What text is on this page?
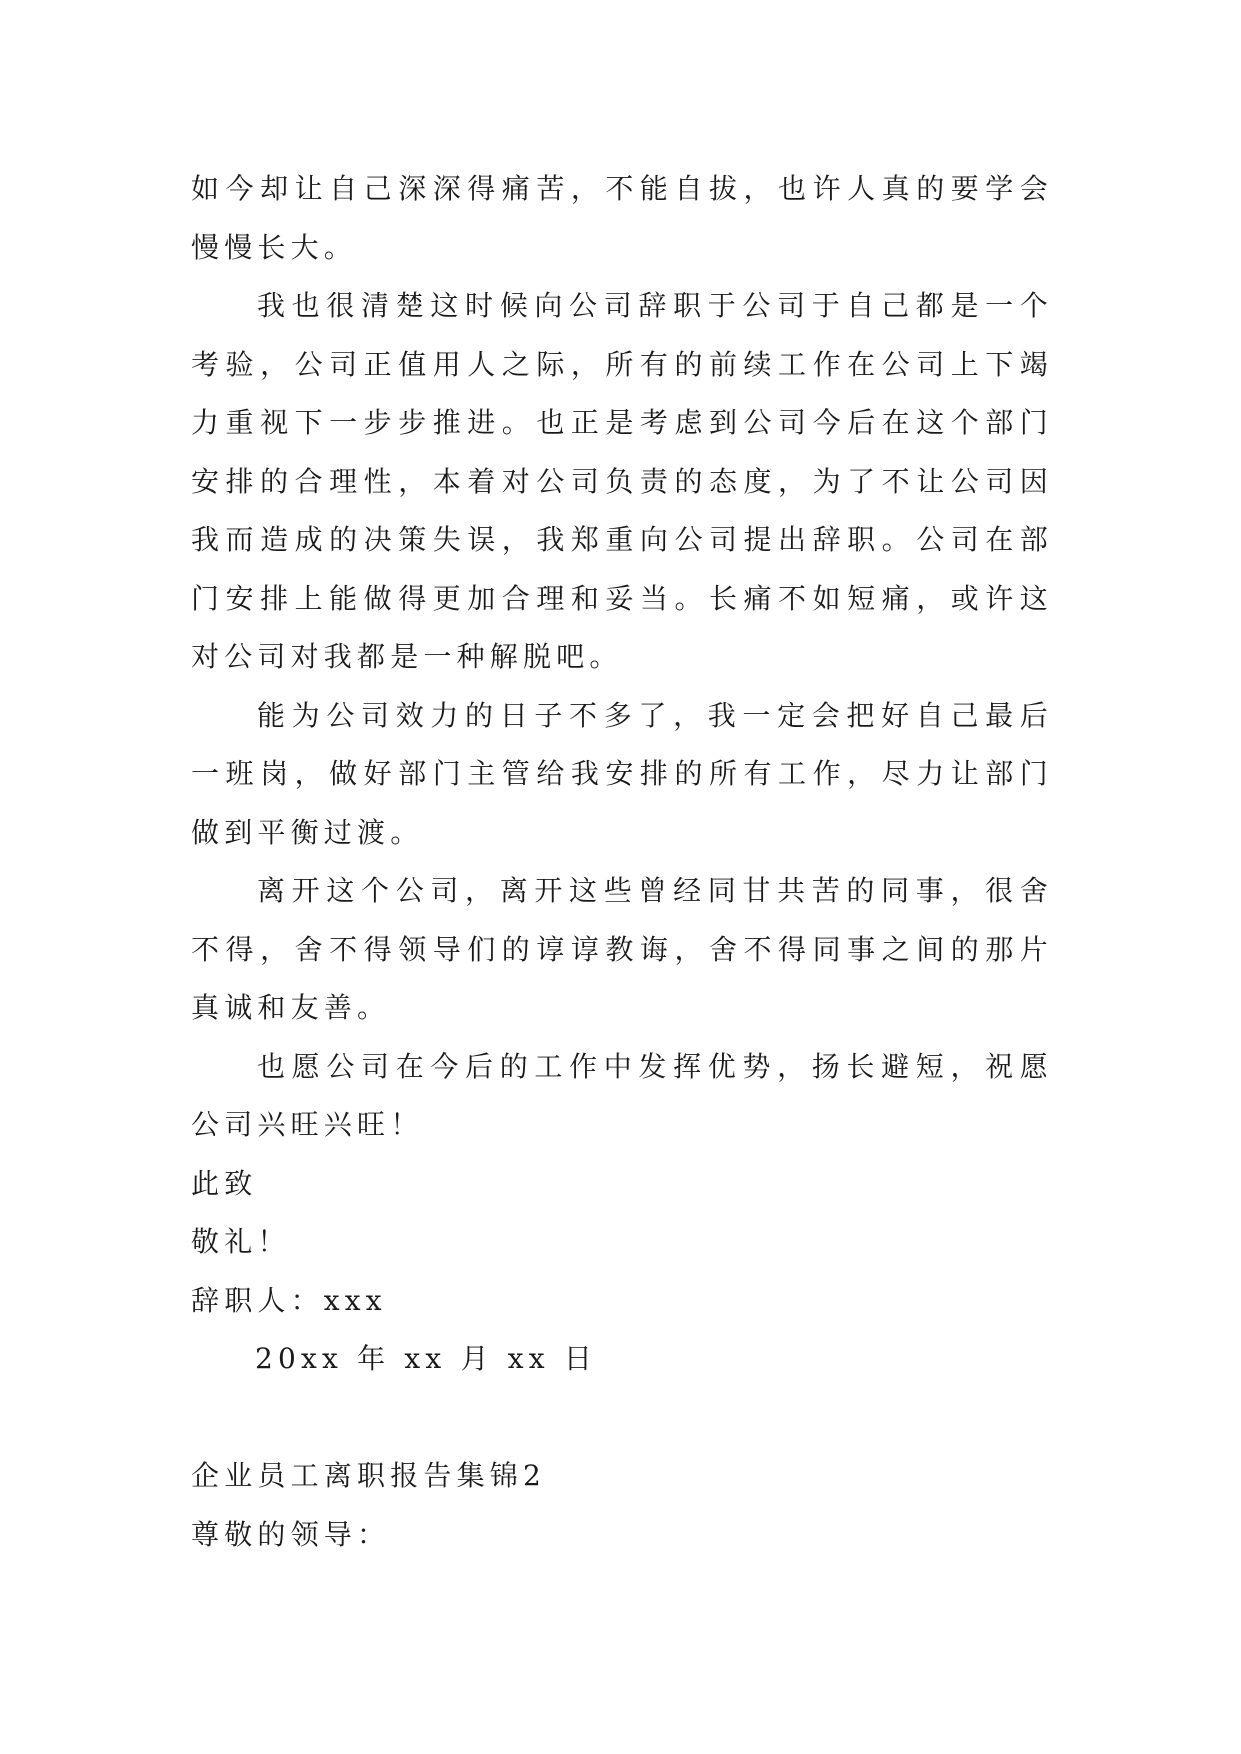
如今却让自己深深得痛苦，不能自拔，也许人真的要学会慢慢长大。

我也很清楚这时候向公司辞职于公司于自己都是一个考验，公司正值用人之际，所有的前续工作在公司上下竭力重视下一步步推进。也正是考虑到公司今后在这个部门安排的合理性，本着对公司负责的态度，为了不让公司因我而造成的决策失误，我郑重向公司提出辞职。公司在部门安排上能做得更加合理和妥当。长痛不如短痛，或许这对公司对我都是一种解脱吧。

能为公司效力的日子不多了，我一定会把好自己最后一班岗，做好部门主管给我安排的所有工作，尽力让部门做到平衡过渡。

离开这个公司，离开这些曾经同甘共苦的同事，很舍不得，舍不得领导们的谆谆教诲，舍不得同事之间的那片真诚和友善。

也愿公司在今后的工作中发挥优势，扬长避短，祝愿公司兴旺兴旺！

此致

敬礼！

辞职人：xxx

20xx 年 xx 月 xx 日

企业员工离职报告集锦2

尊敬的领导：
